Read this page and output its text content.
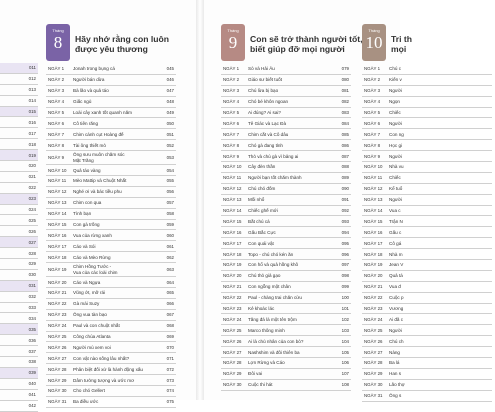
011
012
013
014
015
016
017
018
019
020
021
022
023
024
025
026
027
028
029
030
031
032
033
034
035
036
037
038
039
040
041
042
Tháng
8	Hãy nhớ rằng con luôn
được yêu thương
NGÀY 1	Jonah trong bụng cá	045
NGÀY 2	Người bán dừa	046
NGÀY 3	Bà lão và quả táo	047
NGÀY 4	Giấc ngủ	048
NGÀY 5	Loài cây xanh tốt quanh năm	049
NGÀY 6	Cô tiên răng	050
NGÀY 7	Chim cánh cụt Hoàng đế	051
NGÀY 8	Tài ông thiết mỏ	052
NGÀY 9
Ông sưu muôn chăm sóc
Mặt Trăng	053
NGÀY 10	Quả táo vàng	054
NGÀY 11	Mèo Mattip và Chuột Nhắt	055
NGÀY 12	Nghé ơi và bác tiều phu	056
NGÀY 13	Chim con qua	057
NGÀY 14	Tình bạn	058
NGÀY 15	Con gà trống	059
NGÀY 16	Vua của rừng xanh	060
NGÀY 17	Cáo và Sói	061
NGÀY 18	Cáo và Mèo Rừng	062
NGÀY 19
Chim Hồng Tước -
Vua của các loài chim	063
NGÀY 20	Cáo và Ngựa	064
NGÀY 21	Vũng ớt, mỡ rái	065
NGÀY 22	Gà mái Suzy	066
NGÀY 23	Ông vua tàn bạo	067
NGÀY 24	Paul và con chuột nhắt	068
NGÀY 25	Công chúa Atlanta	069
NGÀY 26	Người mù xem voi	070
NGÀY 27	Con vật nào sống lâu nhất?	071
NGÀY 28	Phân biệt đối xử là hành động xấu	072
NGÀY 29	Dâm tưởng tượng và ước mơ	073
NGÀY 30	Cho chó Gellert	074
NGÀY 31	Ba điều ước	075
Tháng
9	Con sẽ trở thành người tốt,
biết giúp đỡ mọi người
NGÀY 1	Sò và Hải Âu	079
NGÀY 2	Giáo sư biết tuốt	080
NGÀY 3	Chú lừa bị bạo	081
NGÀY 4	Chó bé khôn ngoan	082
NGÀY 5	Ai đúng? Ai sai?	083
NGÀY 6	Tê Giác và Lạc Đà	084
NGÀY 7	Chim cắt và Cô dâu	085
NGÀY 8	Chó gà đang tỉnh	086
NGÀY 9	Thỏ và chú gà vì bảng ai	087
NGÀY 10	Cây đèn thần	088
NGÀY 11	Người bạn tốt chăm thành	089
NGÀY 12	Chú chó đốm	090
NGÀY 13	Mối nhổ	091
NGÀY 14	Chiếc ghế mới	092
NGÀY 15	Bắt chú cá	093
NGÀY 16	Gấu Bắc Cực	094
NGÀY 17	Con quái vật	095
NGÀY 18	Topo - chú chó kén ăn	096
NGÀY 19	Con hổ và quả hồng khô	097
NGÀY 20	Chú thỏ giả gạo	098
NGÀY 21	Con ngỗng một chân	099
NGÀY 22	Paul - chàng trai chăn cừu	100
NGÀY 23	Kẻ khoác lác	101
NGÀY 24	Tăng đá là một tên trộm	102
NGÀY 25	Marco thông minh	103
NGÀY 26	Ai là chủ nhân của con bò?	104
NGÀY 27	Nashshim và đôi thiên ba	105
NGÀY 28	Lợn Rừng và Cáo	106
NGÀY 29	Đôi vai	107
NGÀY 30	Cuộc thi hát	108
Tháng
10 Tri th
mọi
NGÀY 1	Chú c
NGÀY 2	Kiến v
NGÀY 3	Người
NGÀY 4	Ngọn
NGÀY 5	Chiếc
NGÀY 6	Người
NGÀY 7	Con ng
NGÀY 8	Học gi
NGÀY 9	Người
NGÀY 10	Nhà vu
NGÀY 11	Chiếc
NGÀY 12	Kể tuổ
NGÀY 13	Người
NGÀY 14	Vua c
NGÀY 15	Trận N
NGÀY 16	Gấu c
NGÀY 17	Cô gá
NGÀY 18	Nhà m
NGÀY 19	Jean V
NGÀY 20	Quả tá
NGÀY 21	Vua đ
NGÀY 22	Cuộc p
NGÀY 23	Vương
NGÀY 24	Ai đã c
NGÀY 25	Người
NGÀY 26	Chú ch
NGÀY 27	Nàng
NGÀY 28	Ba lá
NGÀY 29	Han s
NGÀY 30	Lão thợ
NGÀY 31	Ông s
